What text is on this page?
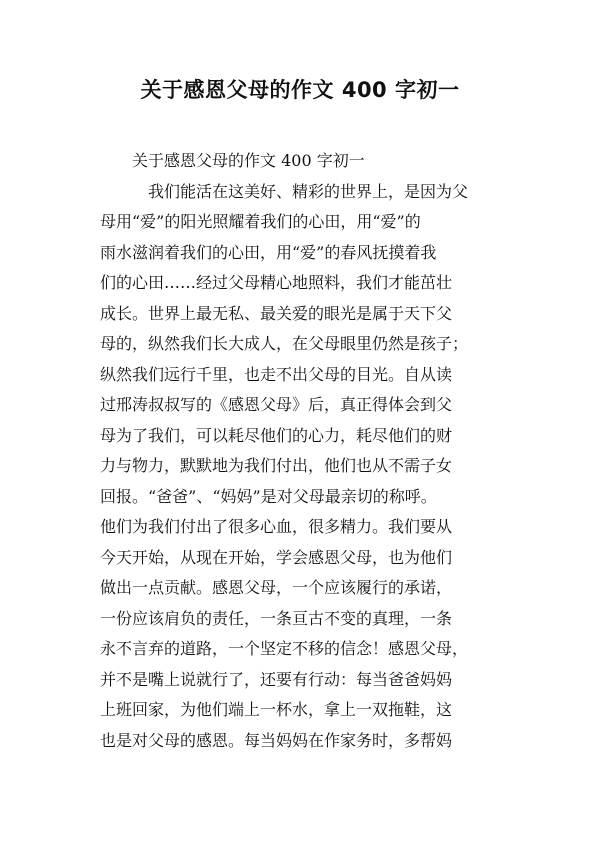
关于感恩父母的作文 400 字初一
关于感恩父母的作文 400 字初一
我们能活在这美好、精彩的世界上，是因为父
母用“爱”的阳光照耀着我们的心田，用“爱”的
雨水滋润着我们的心田，用“爱”的春风抚摸着我
们的心田……经过父母精心地照料，我们才能茁壮
成长。世界上最无私、最关爱的眼光是属于天下父
母的，纵然我们长大成人，在父母眼里仍然是孩子；
纵然我们远行千里，也走不出父母的目光。自从读
过邢涛叔叔写的《感恩父母》后，真正得体会到父
母为了我们，可以耗尽他们的心力，耗尽他们的财
力与物力，默默地为我们付出，他们也从不需子女
回报。“爸爸”、“妈妈”是对父母最亲切的称呼。
他们为我们付出了很多心血，很多精力。我们要从
今天开始，从现在开始，学会感恩父母，也为他们
做出一点贡献。感恩父母，一个应该履行的承诺，
一份应该肩负的责任，一条亘古不变的真理，一条
永不言弃的道路，一个坚定不移的信念！感恩父母，
并不是嘴上说就行了，还要有行动：每当爸爸妈妈
上班回家，为他们端上一杯水，拿上一双拖鞋，这
也是对父母的感恩。每当妈妈在作家务时，多帮妈
